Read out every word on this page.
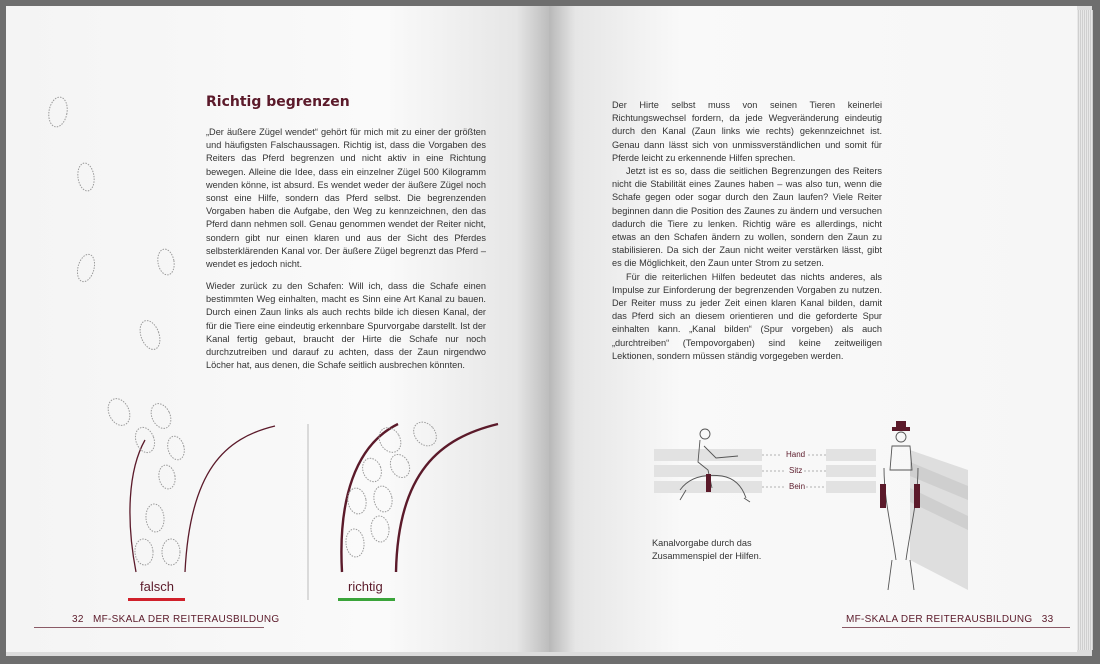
Richtig begrenzen

„Der äußere Zügel wendet“ gehört für mich mit zu einer der größten und häufigsten Falschaussagen. Richtig ist, dass die Vorgaben des Reiters das Pferd begrenzen und nicht aktiv in eine Richtung bewegen. Alleine die Idee, dass ein einzelner Zügel 500 Kilogramm wenden könne, ist absurd. Es wendet weder der äußere Zügel noch sonst eine Hilfe, sondern das Pferd selbst. Die begrenzenden Vorgaben haben die Aufgabe, den Weg zu kennzeichnen, den das Pferd dann nehmen soll. Genau genommen wendet der Reiter nicht, sondern gibt nur einen klaren und aus der Sicht des Pferdes selbsterklärenden Kanal vor. Der äußere Zügel begrenzt das Pferd – wendet es jedoch nicht.

Wieder zurück zu den Schafen: Will ich, dass die Schafe einen bestimmten Weg einhalten, macht es Sinn eine Art Kanal zu bauen. Durch einen Zaun links als auch rechts bilde ich diesen Kanal, der für die Tiere eine eindeutig erkennbare Spurvorgabe darstellt. Ist der Kanal fertig gebaut, braucht der Hirte die Schafe nur noch durchzutreiben und darauf zu achten, dass der Zaun nirgendwo Löcher hat, aus denen, die Schafe seitlich ausbrechen könnten.

Der Hirte selbst muss von seinen Tieren keinerlei Richtungswechsel fordern, da jede Wegveränderung eindeutig durch den Kanal (Zaun links wie rechts) gekennzeichnet ist. Genau dann lässt sich von unmissverständlichen und somit für Pferde leicht zu erkennende Hilfen sprechen.

Jetzt ist es so, dass die seitlichen Begrenzungen des Reiters nicht die Stabilität eines Zaunes haben – was also tun, wenn die Schafe gegen oder sogar durch den Zaun laufen? Viele Reiter beginnen dann die Position des Zaunes zu ändern und versuchen dadurch die Tiere zu lenken. Richtig wäre es allerdings, nicht etwas an den Schafen ändern zu wollen, sondern den Zaun zu stabilisieren. Da sich der Zaun nicht weiter verstärken lässt, gibt es die Möglichkeit, den Zaun unter Strom zu setzen.

Für die reiterlichen Hilfen bedeutet das nichts anderes, als Impulse zur Einforderung der begrenzenden Vorgaben zu nutzen. Der Reiter muss zu jeder Zeit einen klaren Kanal bilden, damit das Pferd sich an diesem orientieren und die geforderte Spur einhalten kann. „Kanal bilden“ (Spur vorgeben) als auch „durchtreiben“ (Tempovorgaben) sind keine zeitweiligen Lektionen, sondern müssen ständig vorgegeben werden.

falsch	richtig
Hand
Sitz
Bein
Kanalvorgabe durch das Zusammenspiel der Hilfen.
32 MF-SKALA DER REITERAUSBILDUNG	MF-SKALA DER REITERAUSBILDUNG 33
